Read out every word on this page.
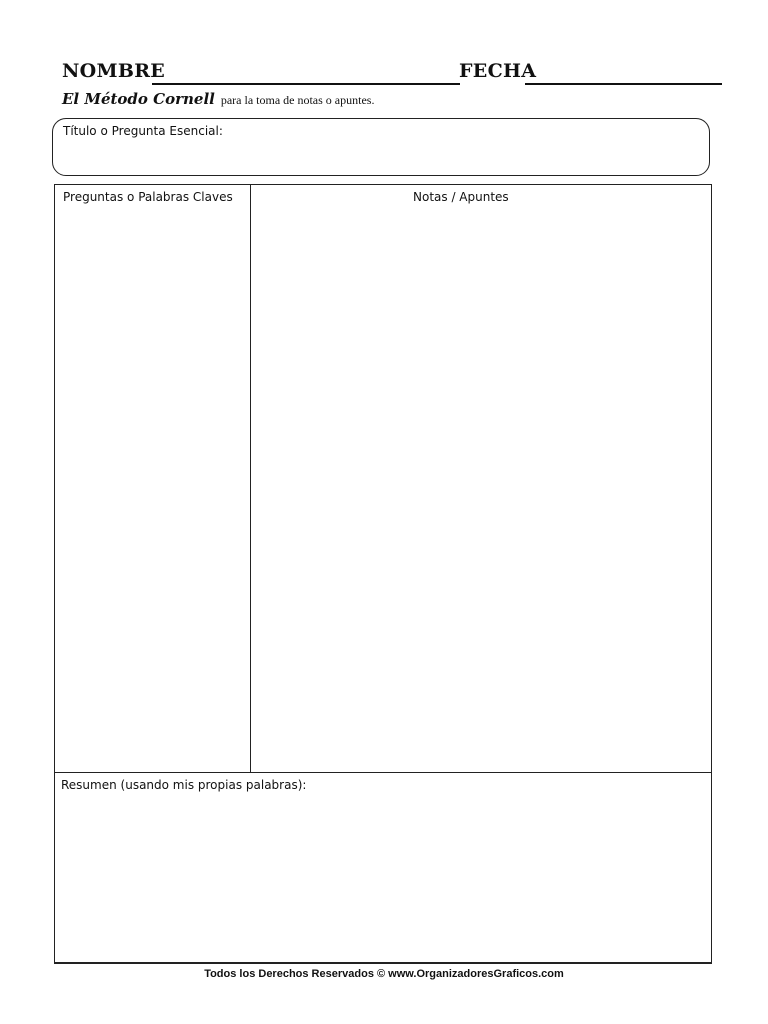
NOMBRE	FECHA
El Método Cornell para la toma de notas o apuntes.
Título o Pregunta Esencial:
Preguntas o Palabras Claves	Notas / Apuntes
Resumen (usando mis propias palabras):
Todos los Derechos Reservados © www.OrganizadoresGraficos.com
